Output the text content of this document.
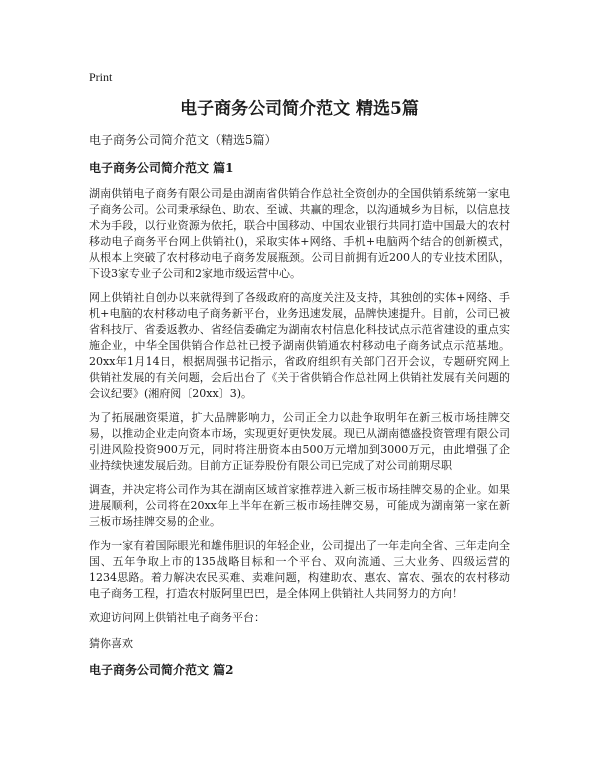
Print
电子商务公司简介范文 精选5篇
电子商务公司简介范文（精选5篇）
电子商务公司简介范文 篇1

湖南供销电子商务有限公司是由湖南省供销合作总社全资创办的全国供销系统第一家电子商务公司。公司秉承绿色、助农、至诚、共赢的理念，以沟通城乡为目标，以信息技术为手段，以行业资源为依托，联合中国移动、中国农业银行共同打造中国最大的农村移动电子商务平台网上供销社()，采取实体+网络、手机+电脑两个结合的创新模式，从根本上突破了农村移动电子商务发展瓶颈。公司目前拥有近200人的专业技术团队，下设3家专业子公司和2家地市级运营中心。

网上供销社自创办以来就得到了各级政府的高度关注及支持，其独创的实体+网络、手机+电脑的农村移动电子商务新平台，业务迅速发展，品牌快速提升。目前，公司已被省科技厅、省委返教办、省经信委确定为湖南农村信息化科技试点示范省建设的重点实施企业，中华全国供销合作总社已授予湖南供销通农村移动电子商务试点示范基地。20xx年1月14日，根据周强书记指示，省政府组织有关部门召开会议，专题研究网上供销社发展的有关问题，会后出台了《关于省供销合作总社网上供销社发展有关问题的会议纪要》(湘府阅〔20xx〕3)。

为了拓展融资渠道，扩大品牌影响力，公司正全力以赴争取明年在新三板市场挂牌交易，以推动企业走向资本市场，实现更好更快发展。现已从湖南德盛投资管理有限公司引进风险投资900万元，同时将注册资本由500万元增加到3000万元，由此增强了企业持续快速发展后劲。目前方正证券股份有限公司已完成了对公司前期尽职

调查，并决定将公司作为其在湖南区域首家推荐进入新三板市场挂牌交易的企业。如果进展顺利，公司将在20xx年上半年在新三板市场挂牌交易，可能成为湖南第一家在新三板市场挂牌交易的企业。

作为一家有着国际眼光和雄伟胆识的年轻企业，公司提出了一年走向全省、三年走向全国、五年争取上市的135战略目标和一个平台、双向流通、三大业务、四级运营的1234思路。着力解决农民买难、卖难问题，构建助农、惠农、富农、强农的农村移动电子商务工程，打造农村版阿里巴巴，是全体网上供销社人共同努力的方向！

欢迎访问网上供销社电子商务平台：
猜你喜欢
电子商务公司简介范文 篇2
